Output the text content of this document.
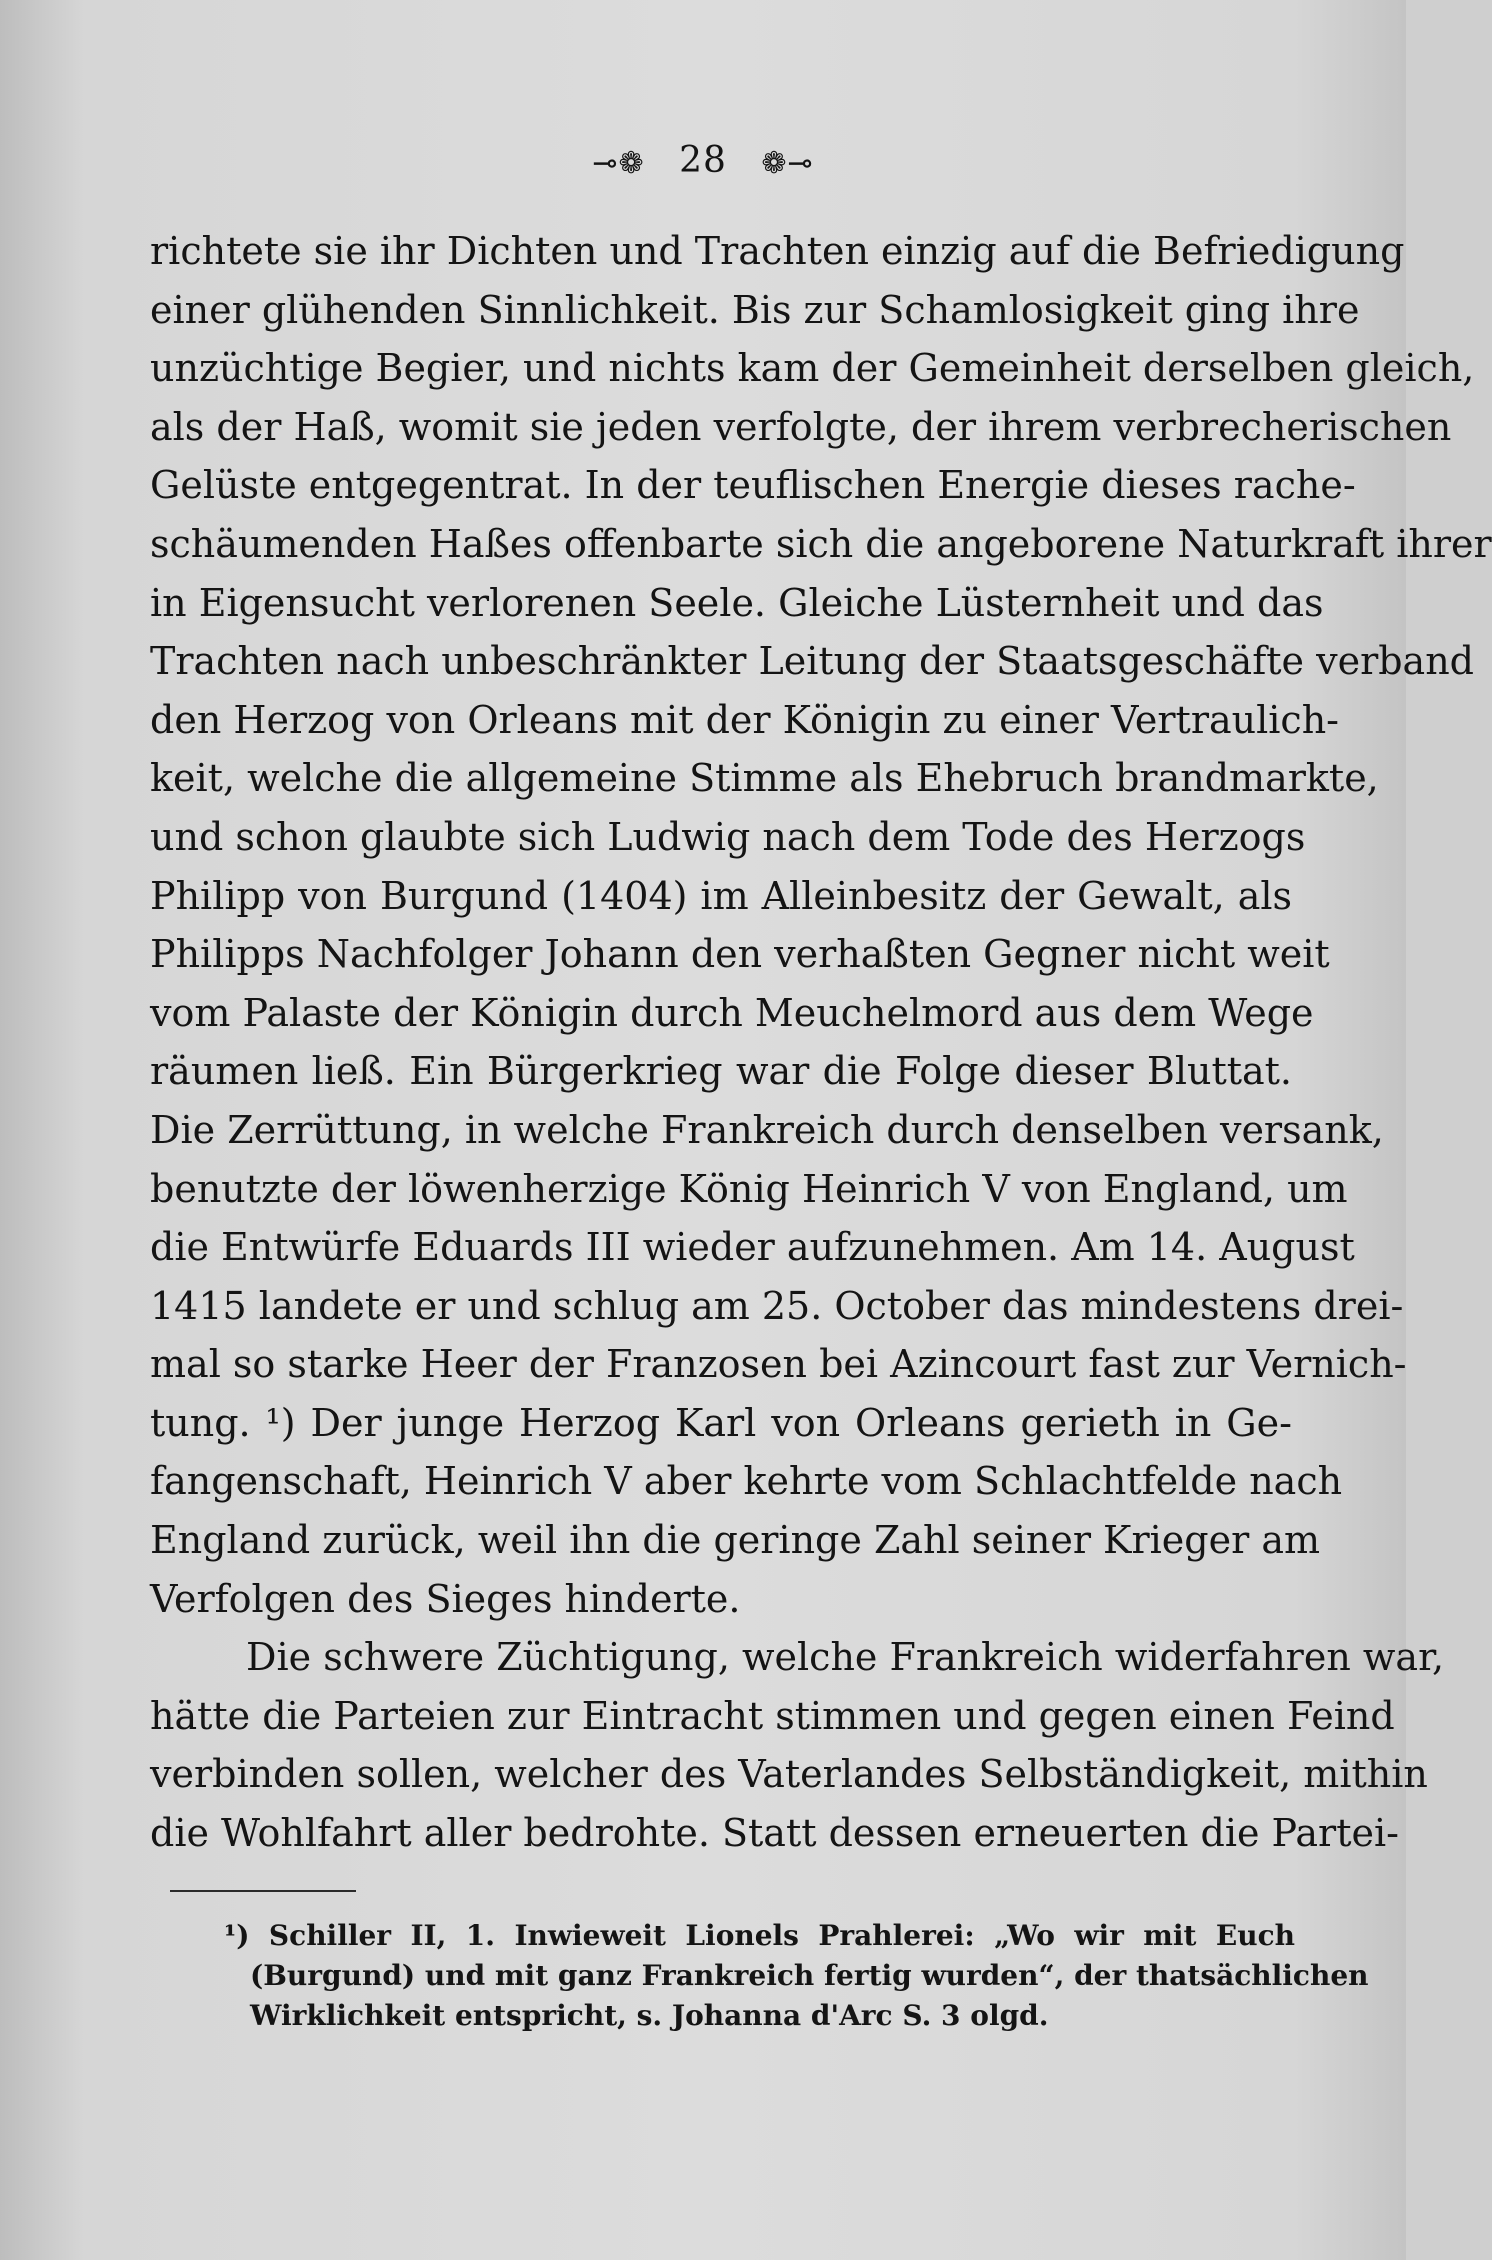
⊸❁ 28 ❁⊸
richtete sie ihr Dichten und Trachten einzig auf die Befriedigung
einer glühenden Sinnlichkeit. Bis zur Schamlosigkeit ging ihre
unzüchtige Begier, und nichts kam der Gemeinheit derselben gleich,
als der Haß, womit sie jeden verfolgte, der ihrem verbrecherischen
Gelüste entgegentrat. In der teuflischen Energie dieses rache-
schäumenden Haßes offenbarte sich die angeborene Naturkraft ihrer
in Eigensucht verlorenen Seele. Gleiche Lüsternheit und das
Trachten nach unbeschränkter Leitung der Staatsgeschäfte verband
den Herzog von Orleans mit der Königin zu einer Vertraulich-
keit, welche die allgemeine Stimme als Ehebruch brandmarkte,
und schon glaubte sich Ludwig nach dem Tode des Herzogs
Philipp von Burgund (1404) im Alleinbesitz der Gewalt, als
Philipps Nachfolger Johann den verhaßten Gegner nicht weit
vom Palaste der Königin durch Meuchelmord aus dem Wege
räumen ließ. Ein Bürgerkrieg war die Folge dieser Bluttat.
Die Zerrüttung, in welche Frankreich durch denselben versank,
benutzte der löwenherzige König Heinrich V von England, um
die Entwürfe Eduards III wieder aufzunehmen. Am 14. August
1415 landete er und schlug am 25. October das mindestens drei-
mal so starke Heer der Franzosen bei Azincourt fast zur Vernich-
tung. ¹) Der junge Herzog Karl von Orleans gerieth in Ge-
fangenschaft, Heinrich V aber kehrte vom Schlachtfelde nach
England zurück, weil ihn die geringe Zahl seiner Krieger am
Verfolgen des Sieges hinderte.
Die schwere Züchtigung, welche Frankreich widerfahren war,
hätte die Parteien zur Eintracht stimmen und gegen einen Feind
verbinden sollen, welcher des Vaterlandes Selbständigkeit, mithin
die Wohlfahrt aller bedrohte. Statt dessen erneuerten die Partei-
¹) Schiller II, 1. Inwieweit Lionels Prahlerei: „Wo wir mit Euch
(Burgund) und mit ganz Frankreich fertig wurden“, der thatsächlichen
Wirklichkeit entspricht, s. Johanna d'Arc S. 3 olgd.
